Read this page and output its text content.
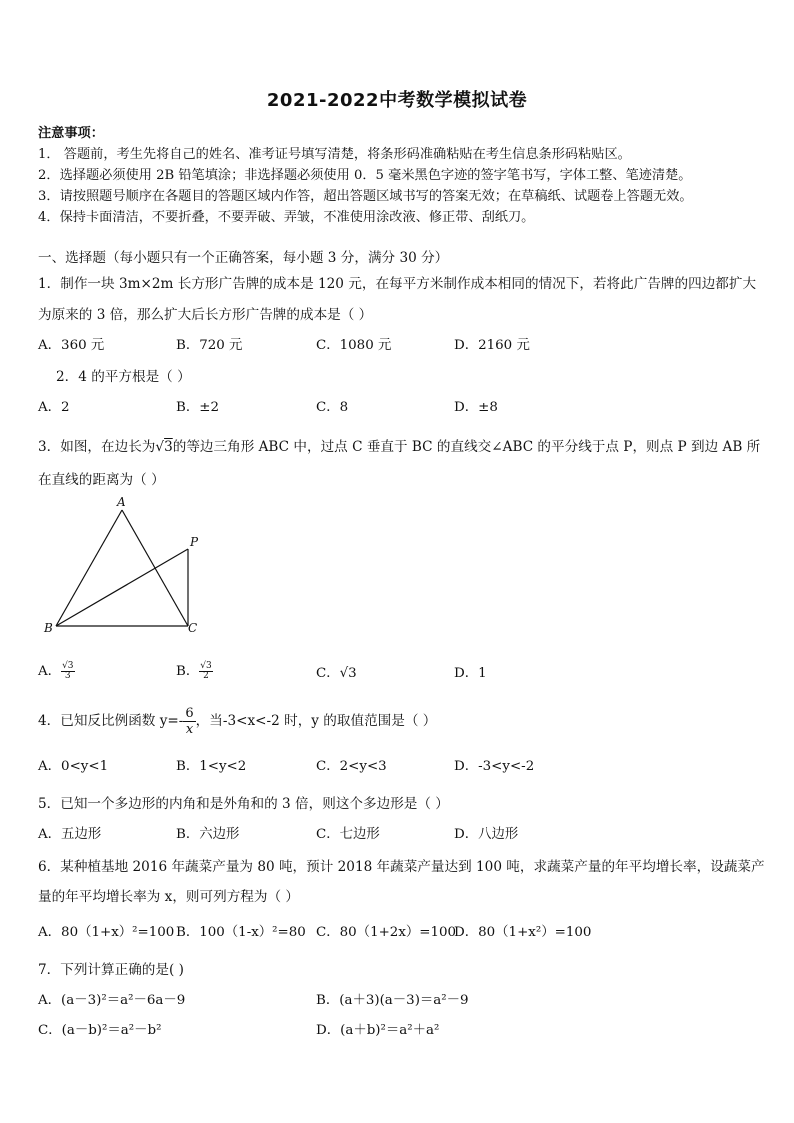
2021-2022中考数学模拟试卷
注意事项：
1． 答题前，考生先将自己的姓名、准考证号填写清楚，将条形码准确粘贴在考生信息条形码粘贴区。
2．选择题必须使用 2B 铅笔填涂；非选择题必须使用 0．5 毫米黑色字迹的签字笔书写，字体工整、笔迹清楚。
3．请按照题号顺序在各题目的答题区域内作答，超出答题区域书写的答案无效；在草稿纸、试题卷上答题无效。
4．保持卡面清洁，不要折叠，不要弄破、弄皱，不准使用涂改液、修正带、刮纸刀。
一、选择题（每小题只有一个正确答案，每小题 3 分，满分 30 分）
1．制作一块 3m×2m 长方形广告牌的成本是 120 元，在每平方米制作成本相同的情况下，若将此广告牌的四边都扩大
为原来的 3 倍，那么扩大后长方形广告牌的成本是（ ）
A．360 元	B．720 元	C．1080 元	D．2160 元
2．4 的平方根是（ ）
A．2	B．±2	C．8	D．±8
3．如图，在边长为√3的等边三角形 ABC 中，过点 C 垂直于 BC 的直线交∠ABC 的平分线于点 P，则点 P 到边 AB 所
在直线的距离为（ ）
A
B	C
P
A． $\frac{√3}{3}$	B． $\frac{√3}{2}$	C．√3	D．1
4．已知反比例函数 $y=- \frac{6}{x}$ ，当-3<x<-2 时，y 的取值范围是（ ）
A．0<y<1	B．1<y<2	C．2<y<3	D．-3<y<-2
5．已知一个多边形的内角和是外角和的 3 倍，则这个多边形是（ ）
A．五边形	B．六边形	C．七边形	D．八边形
6．某种植基地 2016 年蔬菜产量为 80 吨，预计 2018 年蔬菜产量达到 100 吨，求蔬菜产量的年平均增长率，设蔬菜产
量的年平均增长率为 x，则可列方程为（ ）
A．80（1+x）²=100 B．100（1-x）²=80 C．80（1+2x）=100
D．80（1+x²）=100
7．下列计算正确的是( )
A．(a－3)²＝a²－6a－9	B．(a＋3)(a－3)＝a²－9
C．(a－b)²＝a²－b²	D．(a＋b)²＝a²＋a²
